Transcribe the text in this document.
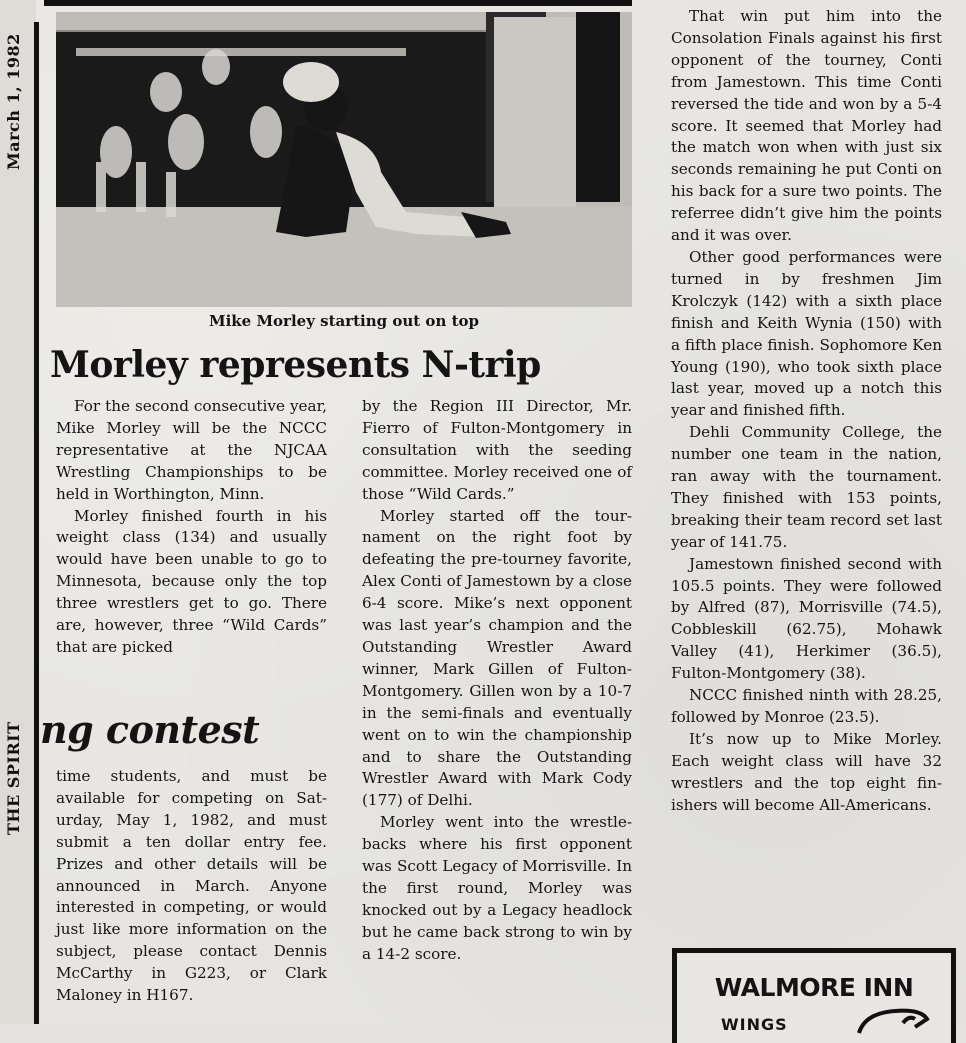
March 1, 1982
THE SPIRIT
Mike Morley starting out on top
Morley represents N-trip

For the second consecutive year, Mike Morley will be the NCCC representative at the NJCAA Wrestling Championships to be held in Worthington, Minn.

Morley finished fourth in his weight class (134) and usually would have been unable to go to Minnesota, because only the top three wrestlers get to go. There are, however, three “Wild Cards” that are picked

by the Region III Director, Mr. Fierro of Fulton-Montgomery in consultation with the seeding committee. Morley received one of those “Wild Cards.”

Morley started off the tournament on the right foot by defeating the pre-tourney favorite, Alex Conti of Jamestown by a close 6-4 score. Mike’s next opponent was last year’s champion and the Outstanding Wrestler Award winner, Mark Gillen of Fulton-Montgomery. Gillen won by a 10-7 in the semi-finals and eventually went on to win the championship and to share the Outstanding Wrestler Award with Mark Cody (177) of Delhi.

Morley went into the wrestlebacks where his first opponent was Scott Legacy of Morrisville. In the first round, Morley was knocked out by a Legacy headlock but he came back strong to win by a 14-2 score.

That win put him into the Consolation Finals against his first opponent of the tourney, Conti from Jamestown. This time Conti reversed the tide and won by a 5-4 score. It seemed that Morley had the match won when with just six seconds remaining he put Conti on his back for a sure two points. The referree didn’t give him the points and it was over.

Other good performances were turned in by freshmen Jim Krolczyk (142) with a sixth place finish and Keith Wynia (150) with a fifth place finish. Sophomore Ken Young (190), who took sixth place last year, moved up a notch this year and finished fifth.

Dehli Community College, the number one team in the nation, ran away with the tournament. They finished with 153 points, breaking their team record set last year of 141.75.

Jamestown finished second with 105.5 points. They were followed by Alfred (87), Morrisville (74.5), Cobbleskill (62.75), Mohawk Valley (41), Herkimer (36.5), Fulton-Montgomery (38).

NCCC finished ninth with 28.25, followed by Monroe (23.5).

It’s now up to Mike Morley. Each weight class will have 32 wrestlers and the top eight finishers will become All-Americans.

ng contest

time students, and must be available for competing on Saturday, May 1, 1982, and must submit a ten dollar entry fee. Prizes and other details will be announced in March. Anyone interested in competing, or would just like more information on the subject, please contact Dennis McCarthy in G223, or Clark Maloney in H167.	WALMORE INN
WINGS
